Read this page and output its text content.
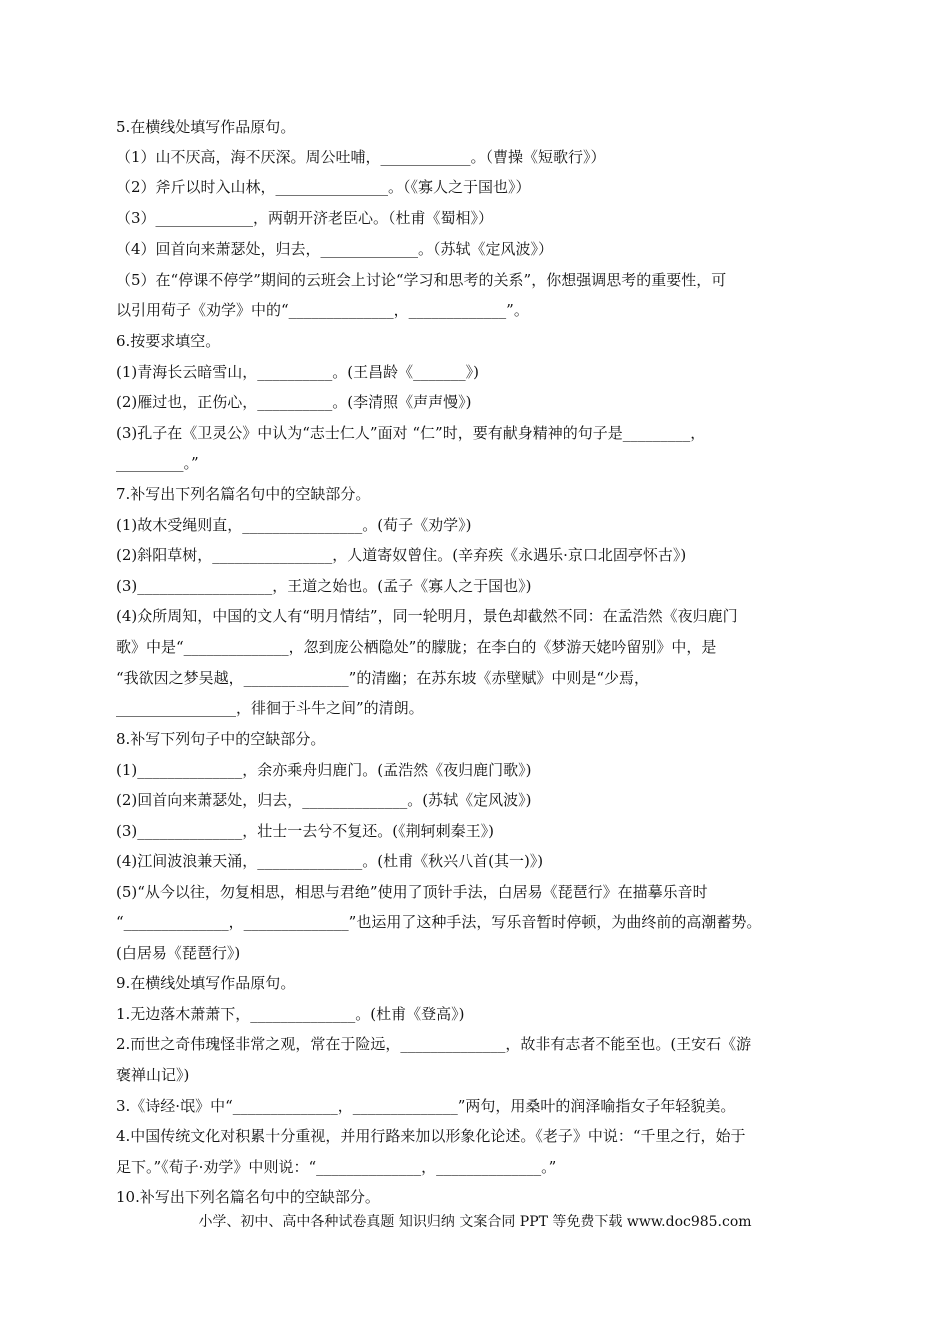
5.在横线处填写作品原句。
（1）山不厌高，海不厌深。周公吐哺，____________。（曹操《短歌行》）
（2）斧斤以时入山林，_______________。（《寡人之于国也》）
（3）_____________，两朝开济老臣心。（杜甫《蜀相》）
（4）回首向来萧瑟处，归去，_____________。（苏轼《定风波》）
（5）在“停课不停学”期间的云班会上讨论“学习和思考的关系”，你想强调思考的重要性，可
以引用荀子《劝学》中的“______________，_____________”。
6.按要求填空。
(1)青海长云暗雪山，__________。(王昌龄《_______》)
(2)雁过也，正伤心，__________。(李清照《声声慢》)
(3)孔子在《卫灵公》中认为“志士仁人”面对 “仁”时，要有献身精神的句子是_________，
_________。”
7.补写出下列名篇名句中的空缺部分。
(1)故木受绳则直，________________。(荀子《劝学》)
(2)斜阳草树，________________，人道寄奴曾住。(辛弃疾《永遇乐·京口北固亭怀古》)
(3)__________________，王道之始也。(孟子《寡人之于国也》)
(4)众所周知，中国的文人有“明月情结”，同一轮明月，景色却截然不同：在孟浩然《夜归鹿门
歌》中是“______________，忽到庞公栖隐处”的朦胧；在李白的《梦游天姥吟留别》中，是
“我欲因之梦吴越，______________”的清幽；在苏东坡《赤壁赋》中则是“少焉，
________________，徘徊于斗牛之间”的清朗。
8.补写下列句子中的空缺部分。
(1)______________，余亦乘舟归鹿门。(孟浩然《夜归鹿门歌》)
(2)回首向来萧瑟处，归去，______________。(苏轼《定风波》)
(3)______________，壮士一去兮不复还。(《荆轲刺秦王》)
(4)江间波浪兼天涌，______________。(杜甫《秋兴八首(其一)》)
(5)“从今以往，勿复相思，相思与君绝”使用了顶针手法，白居易《琵琶行》在描摹乐音时
“______________，______________”也运用了这种手法，写乐音暂时停顿，为曲终前的高潮蓄势。
(白居易《琵琶行》)
9.在横线处填写作品原句。
1.无边落木萧萧下，______________。(杜甫《登高》)
2.而世之奇伟瑰怪非常之观，常在于险远，______________，故非有志者不能至也。(王安石《游
褒禅山记》)
3.《诗经·氓》中“______________，______________”两句，用桑叶的润泽喻指女子年轻貌美。
4.中国传统文化对积累十分重视，并用行路来加以形象化论述。《老子》中说：“千里之行，始于
足下。”《荀子·劝学》中则说：“______________，______________。”
10.补写出下列名篇名句中的空缺部分。
小学、初中、高中各种试卷真题 知识归纳 文案合同 PPT 等免费下载 www.doc985.com
